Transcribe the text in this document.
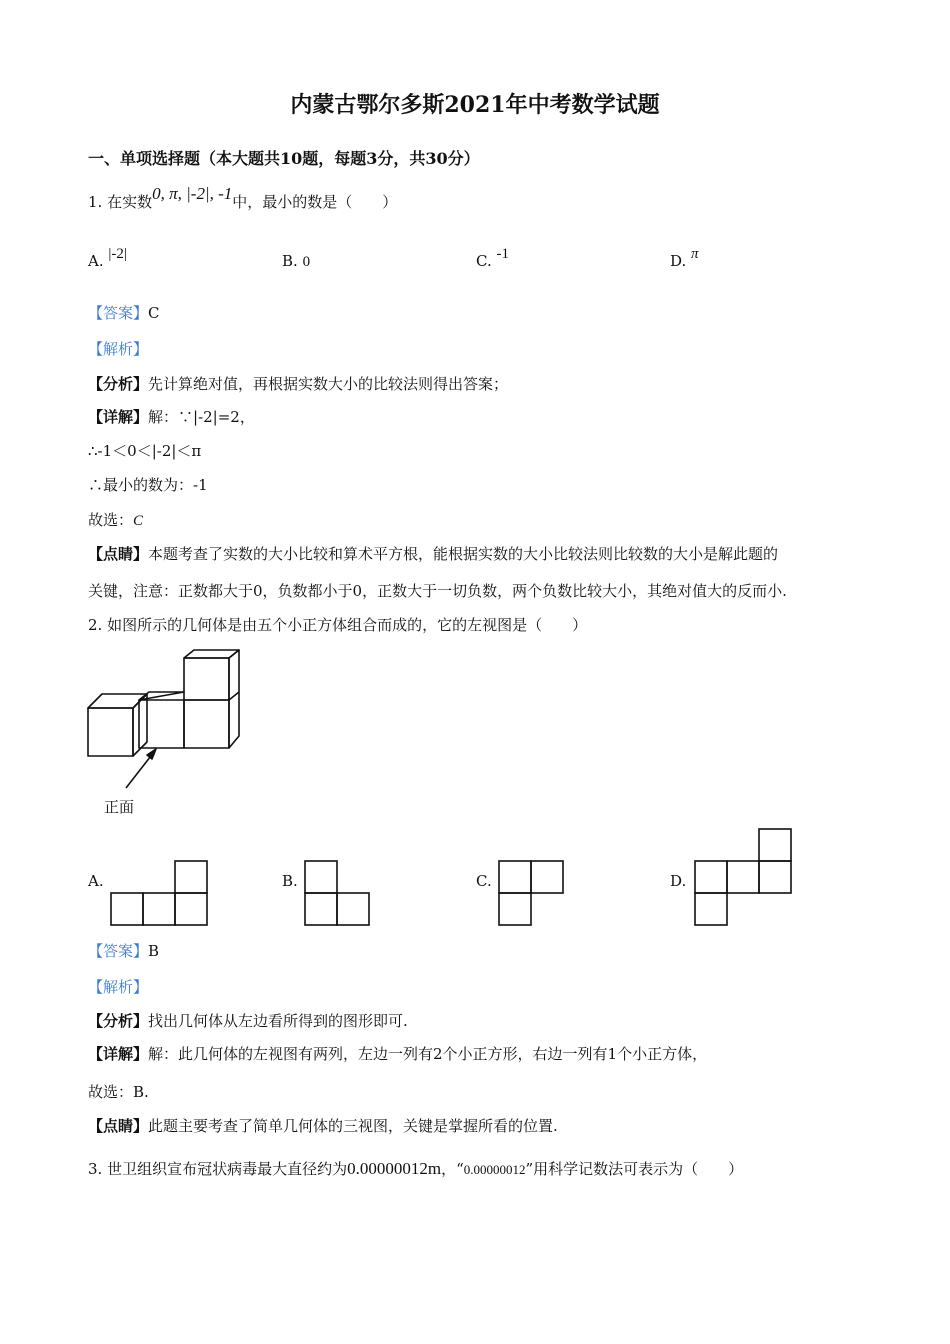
内蒙古鄂尔多斯2021年中考数学试题
一、单项选择题（本大题共10题，每题3分，共30分）
1. 在实数0, π, |-2|, -1中，最小的数是（　　）
A. |-2|	B. 0	C. -1	D. π
【答案】C
【解析】
【分析】先计算绝对值，再根据实数大小的比较法则得出答案；
【详解】解：∵|-2|=2，
∴-1＜0＜|-2|＜π
∴最小的数为：-1
故选：C
【点睛】本题考查了实数的大小比较和算术平方根，能根据实数的大小比较法则比较数的大小是解此题的
关键，注意：正数都大于0，负数都小于0，正数大于一切负数，两个负数比较大小，其绝对值大的反而小.
2. 如图所示的几何体是由五个小正方体组合而成的，它的左视图是（　　）
正面
A.	B.	C.	D.
【答案】B
【解析】
【分析】找出几何体从左边看所得到的图形即可.
【详解】解：此几何体的左视图有两列，左边一列有2个小正方形，右边一列有1个小正方体，
故选：B.
【点睛】此题主要考查了简单几何体的三视图，关键是掌握所看的位置.
3. 世卫组织宣布冠状病毒最大直径约为0.00000012m，“0.00000012”用科学记数法可表示为（　　）
